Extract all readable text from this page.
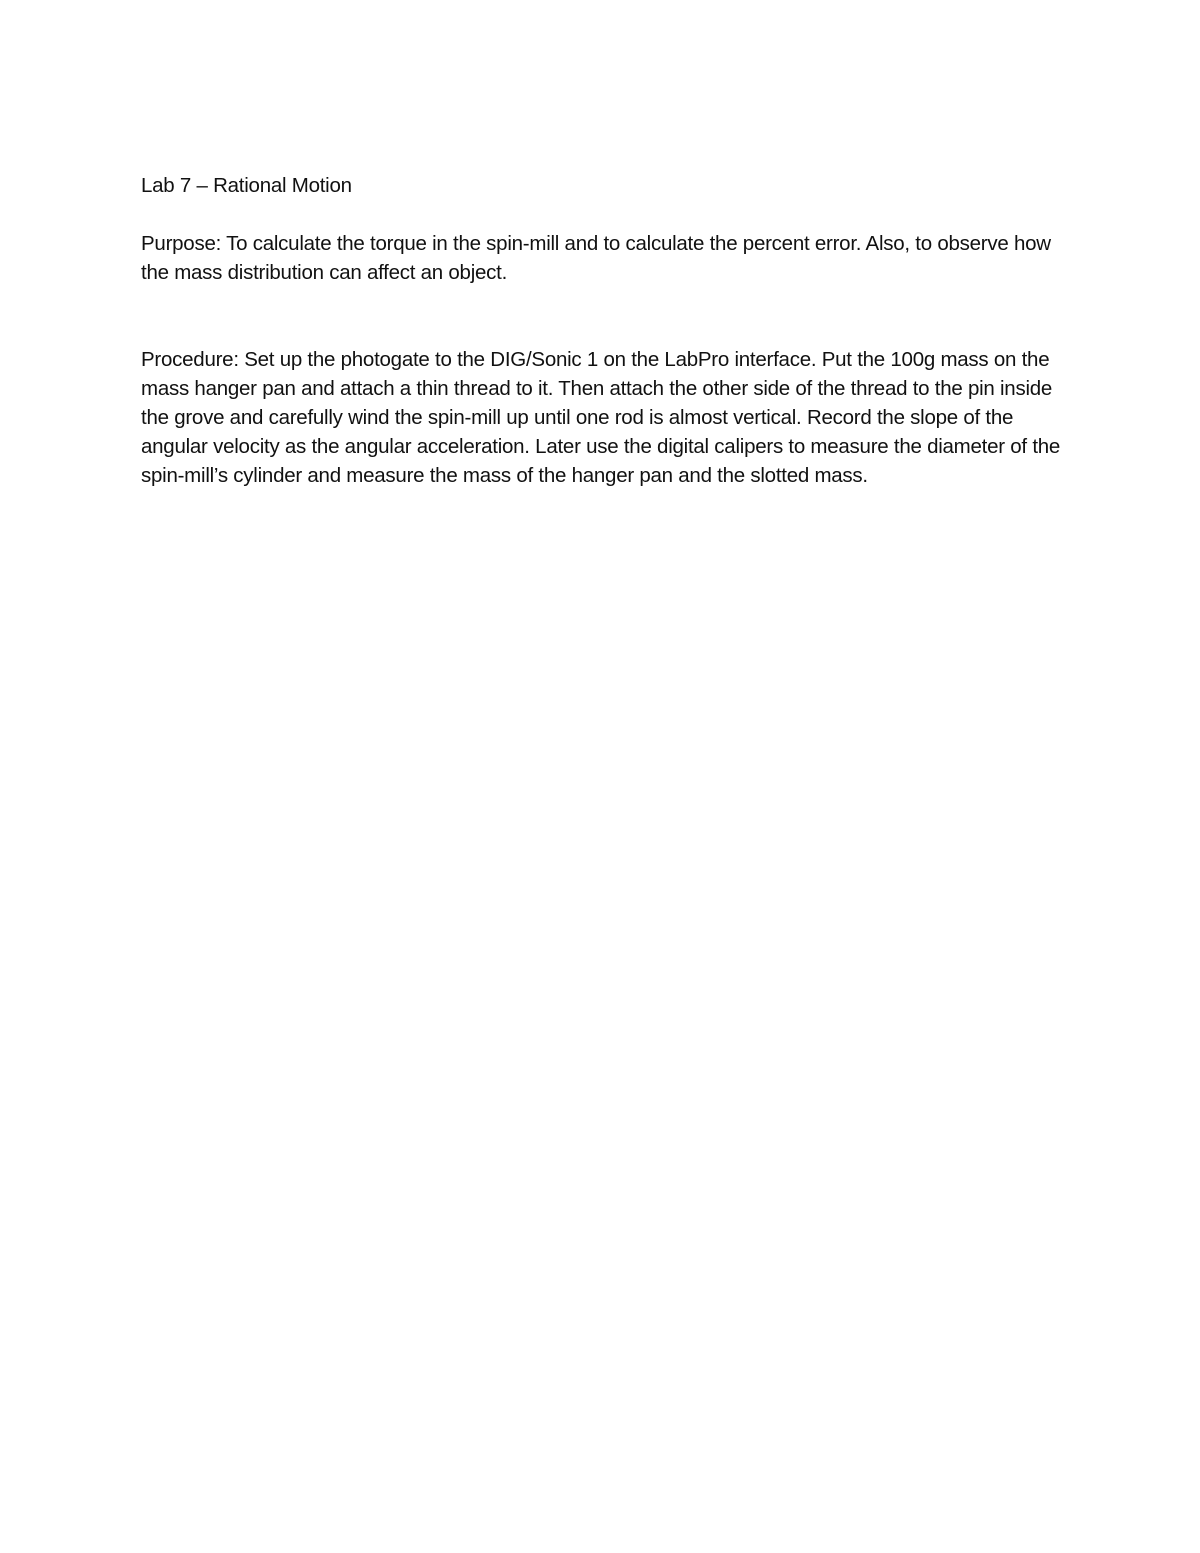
Lab 7 – Rational Motion

Purpose: To calculate the torque in the spin-mill and to calculate the percent error. Also, to observe how the mass distribution can affect an object.

Procedure: Set up the photogate to the DIG/Sonic 1 on the LabPro interface. Put the 100g mass on the mass hanger pan and attach a thin thread to it. Then attach the other side of the thread to the pin inside the grove and carefully wind the spin-mill up until one rod is almost vertical. Record the slope of the angular velocity as the angular acceleration. Later use the digital calipers to measure the diameter of the spin-mill’s cylinder and measure the mass of the hanger pan and the slotted mass.
